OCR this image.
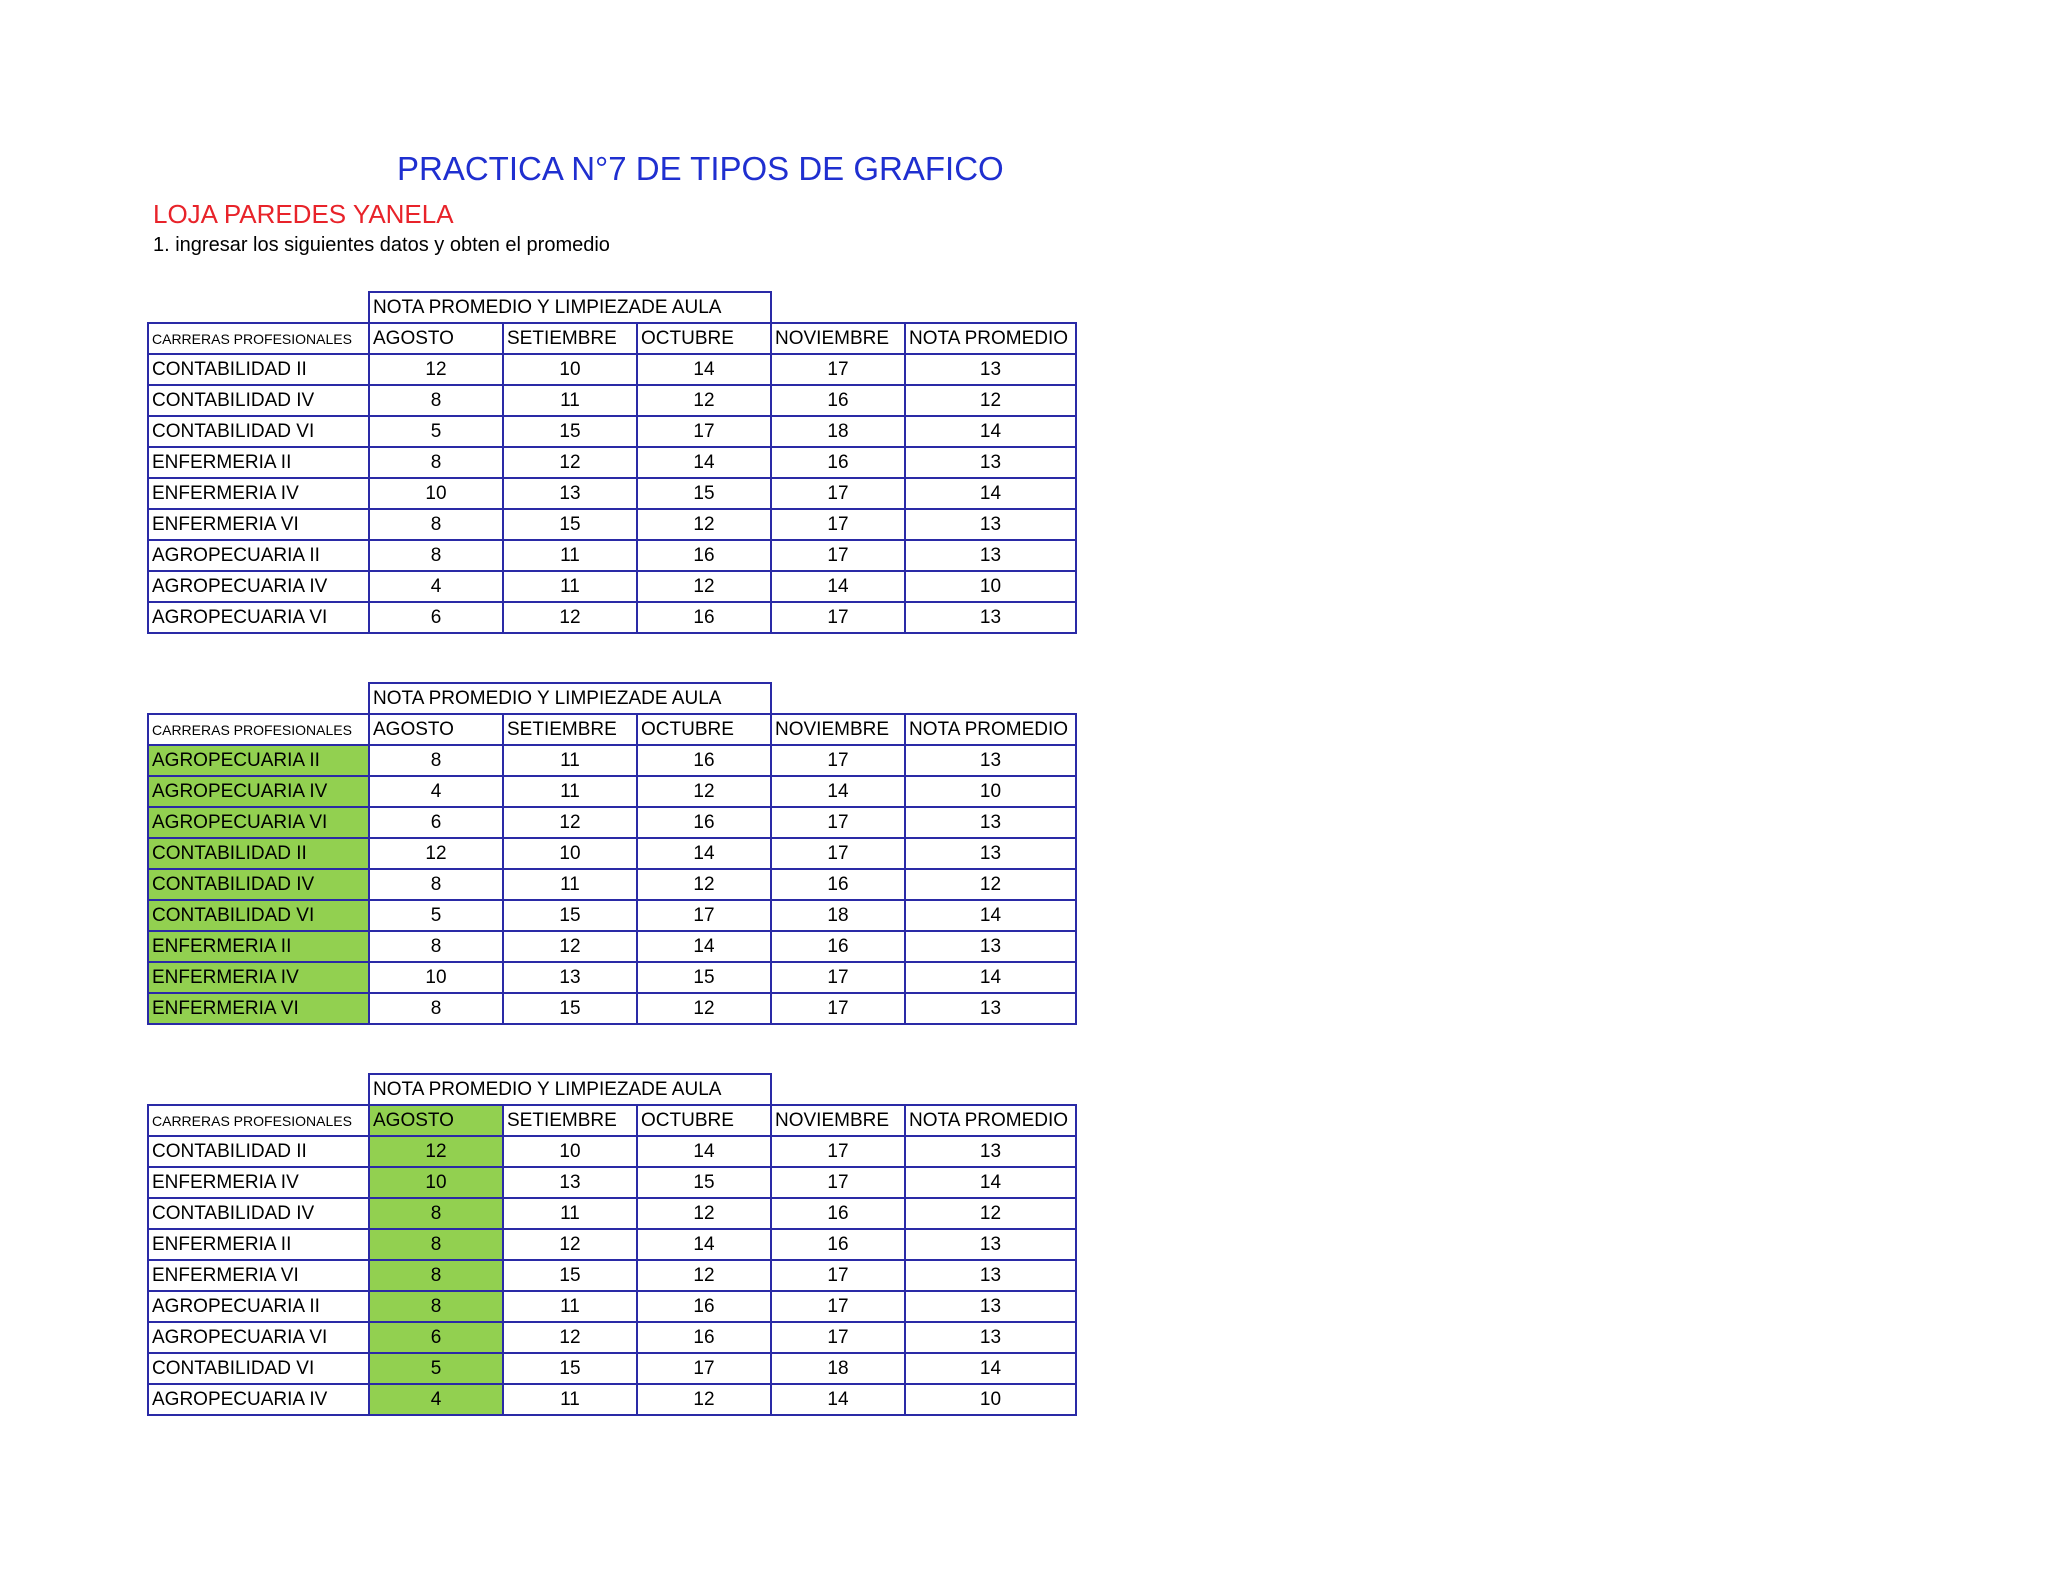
PRACTICA N°7 DE TIPOS DE GRAFICO
LOJA PAREDES YANELA
1. ingresar los siguientes datos y obten el promedio
	NOTA PROMEDIO Y LIMPIEZADE AULA				
CARRERAS PROFESIONALES	AGOSTO	SETIEMBRE	OCTUBRE	NOVIEMBRE	NOTA PROMEDIO
CONTABILIDAD II	12	10	14	17	13
CONTABILIDAD IV	8	11	12	16	12
CONTABILIDAD VI	5	15	17	18	14
ENFERMERIA II	8	12	14	16	13
ENFERMERIA IV	10	13	15	17	14
ENFERMERIA VI	8	15	12	17	13
AGROPECUARIA II	8	11	16	17	13
AGROPECUARIA IV	4	11	12	14	10
AGROPECUARIA VI	6	12	16	17	13
	NOTA PROMEDIO Y LIMPIEZADE AULA				
CARRERAS PROFESIONALES	AGOSTO	SETIEMBRE	OCTUBRE	NOVIEMBRE	NOTA PROMEDIO
AGROPECUARIA II	8	11	16	17	13
AGROPECUARIA IV	4	11	12	14	10
AGROPECUARIA VI	6	12	16	17	13
CONTABILIDAD II	12	10	14	17	13
CONTABILIDAD IV	8	11	12	16	12
CONTABILIDAD VI	5	15	17	18	14
ENFERMERIA II	8	12	14	16	13
ENFERMERIA IV	10	13	15	17	14
ENFERMERIA VI	8	15	12	17	13
	NOTA PROMEDIO Y LIMPIEZADE AULA				
CARRERAS PROFESIONALES	AGOSTO	SETIEMBRE	OCTUBRE	NOVIEMBRE	NOTA PROMEDIO
CONTABILIDAD II	12	10	14	17	13
ENFERMERIA IV	10	13	15	17	14
CONTABILIDAD IV	8	11	12	16	12
ENFERMERIA II	8	12	14	16	13
ENFERMERIA VI	8	15	12	17	13
AGROPECUARIA II	8	11	16	17	13
AGROPECUARIA VI	6	12	16	17	13
CONTABILIDAD VI	5	15	17	18	14
AGROPECUARIA IV	4	11	12	14	10
